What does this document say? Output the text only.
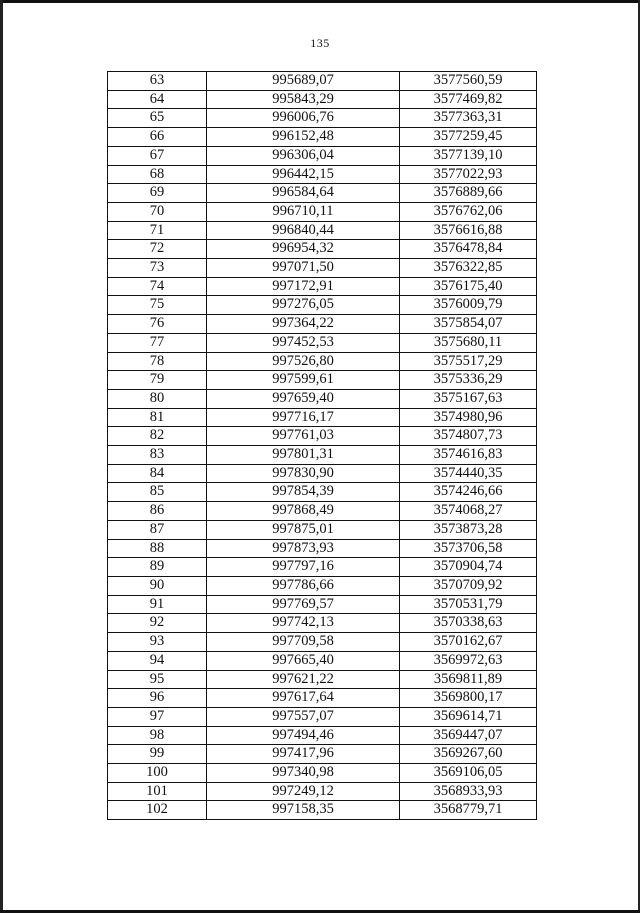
135
63	995689,07	3577560,59
64	995843,29	3577469,82
65	996006,76	3577363,31
66	996152,48	3577259,45
67	996306,04	3577139,10
68	996442,15	3577022,93
69	996584,64	3576889,66
70	996710,11	3576762,06
71	996840,44	3576616,88
72	996954,32	3576478,84
73	997071,50	3576322,85
74	997172,91	3576175,40
75	997276,05	3576009,79
76	997364,22	3575854,07
77	997452,53	3575680,11
78	997526,80	3575517,29
79	997599,61	3575336,29
80	997659,40	3575167,63
81	997716,17	3574980,96
82	997761,03	3574807,73
83	997801,31	3574616,83
84	997830,90	3574440,35
85	997854,39	3574246,66
86	997868,49	3574068,27
87	997875,01	3573873,28
88	997873,93	3573706,58
89	997797,16	3570904,74
90	997786,66	3570709,92
91	997769,57	3570531,79
92	997742,13	3570338,63
93	997709,58	3570162,67
94	997665,40	3569972,63
95	997621,22	3569811,89
96	997617,64	3569800,17
97	997557,07	3569614,71
98	997494,46	3569447,07
99	997417,96	3569267,60
100	997340,98	3569106,05
101	997249,12	3568933,93
102	997158,35	3568779,71
